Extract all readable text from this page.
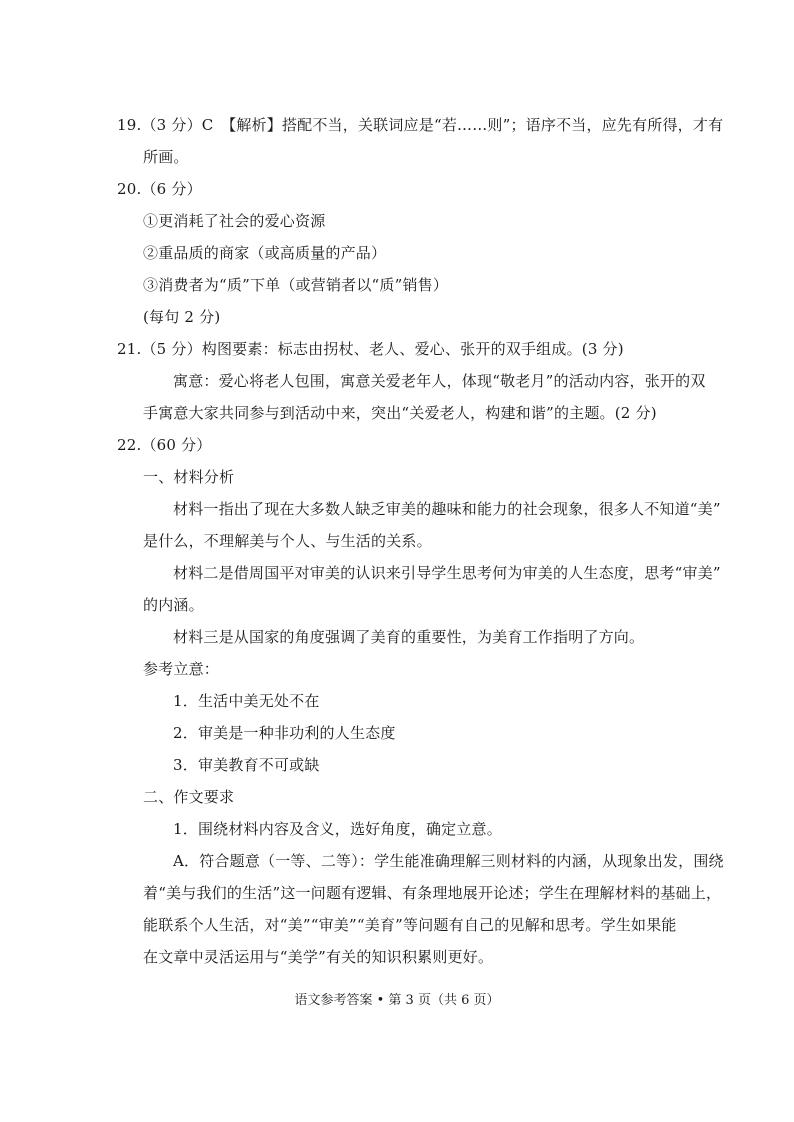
19.（3 分）C　【解析】搭配不当，关联词应是“若……则”；语序不当，应先有所得，才有
所画。
20.（6 分）
①更消耗了社会的爱心资源
②重品质的商家（或高质量的产品）
③消费者为“质”下单（或营销者以“质”销售）
(每句 2 分)
21.（5 分）构图要素：标志由拐杖、老人、爱心、张开的双手组成。(3 分)
寓意：爱心将老人包围，寓意关爱老年人，体现“敬老月”的活动内容，张开的双
手寓意大家共同参与到活动中来，突出“关爱老人，构建和谐”的主题。(2 分)
22.（60 分）
一、材料分析
材料一指出了现在大多数人缺乏审美的趣味和能力的社会现象，很多人不知道“美”
是什么，不理解美与个人、与生活的关系。
材料二是借周国平对审美的认识来引导学生思考何为审美的人生态度，思考“审美”
的内涵。
材料三是从国家的角度强调了美育的重要性，为美育工作指明了方向。
参考立意：
1．生活中美无处不在
2．审美是一种非功利的人生态度
3．审美教育不可或缺
二、作文要求
1．围绕材料内容及含义，选好角度，确定立意。
A．符合题意（一等、二等）：学生能准确理解三则材料的内涵，从现象出发，围绕
着“美与我们的生活”这一问题有逻辑、有条理地展开论述；学生在理解材料的基础上，
能联系个人生活，对“美”“审美”“美育”等问题有自己的见解和思考。学生如果能
在文章中灵活运用与“美学”有关的知识积累则更好。
语文参考答案 • 第 3 页（共 6 页）
